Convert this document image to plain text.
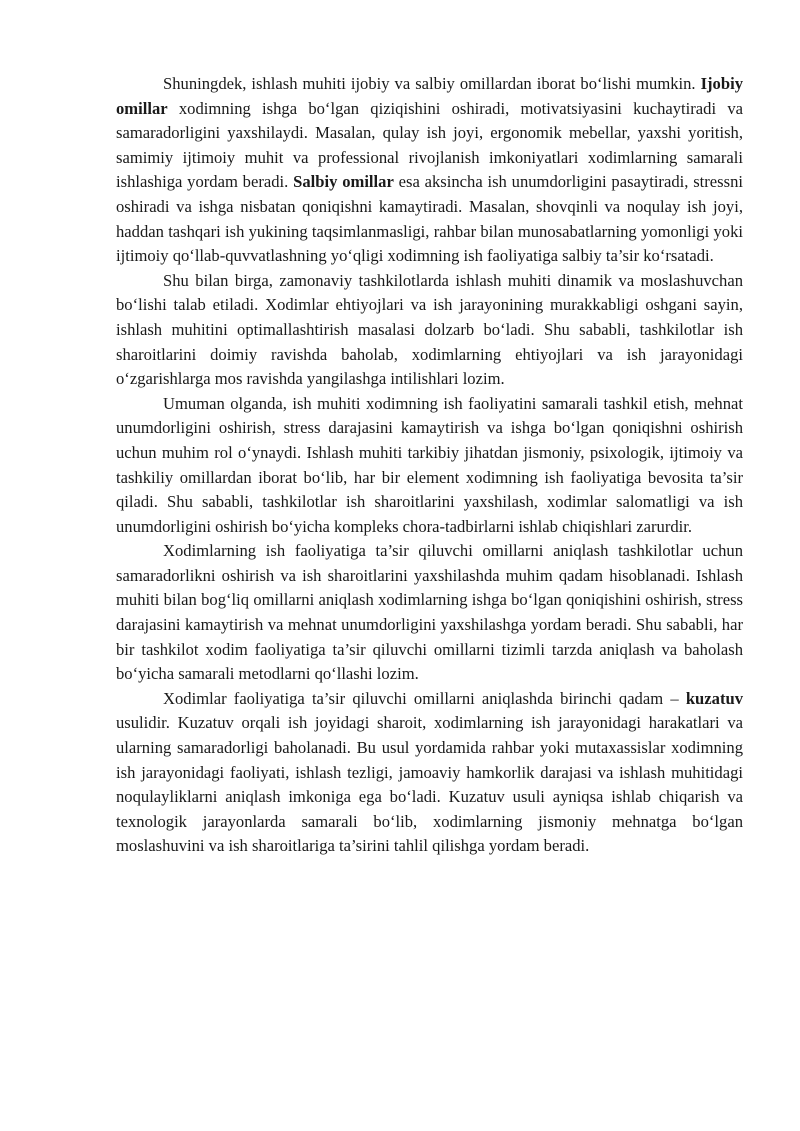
Shuningdek, ishlash muhiti ijobiy va salbiy omillardan iborat bo‘lishi mumkin. Ijobiy omillar xodimning ishga bo‘lgan qiziqishini oshiradi, motivatsiyasini kuchaytiradi va samaradorligini yaxshilaydi. Masalan, qulay ish joyi, ergonomik mebellar, yaxshi yoritish, samimiy ijtimoiy muhit va professional rivojlanish imkoniyatlari xodimlarning samarali ishlashiga yordam beradi. Salbiy omillar esa aksincha ish unumdorligini pasaytiradi, stressni oshiradi va ishga nisbatan qoniqishni kamaytiradi. Masalan, shovqinli va noqulay ish joyi, haddan tashqari ish yukining taqsimlanmasligi, rahbar bilan munosabatlarning yomonligi yoki ijtimoiy qo‘llab-quvvatlashning yo‘qligi xodimning ish faoliyatiga salbiy ta’sir ko‘rsatadi.

Shu bilan birga, zamonaviy tashkilotlarda ishlash muhiti dinamik va moslashuvchan bo‘lishi talab etiladi. Xodimlar ehtiyojlari va ish jarayonining murakkabligi oshgani sayin, ishlash muhitini optimallashtirish masalasi dolzarb bo‘ladi. Shu sababli, tashkilotlar ish sharoitlarini doimiy ravishda baholab, xodimlarning ehtiyojlari va ish jarayonidagi o‘zgarishlarga mos ravishda yangilashga intilishlari lozim.

Umuman olganda, ish muhiti xodimning ish faoliyatini samarali tashkil etish, mehnat unumdorligini oshirish, stress darajasini kamaytirish va ishga bo‘lgan qoniqishni oshirish uchun muhim rol o‘ynaydi. Ishlash muhiti tarkibiy jihatdan jismoniy, psixologik, ijtimoiy va tashkiliy omillardan iborat bo‘lib, har bir element xodimning ish faoliyatiga bevosita ta’sir qiladi. Shu sababli, tashkilotlar ish sharoitlarini yaxshilash, xodimlar salomatligi va ish unumdorligini oshirish bo‘yicha kompleks chora-tadbirlarni ishlab chiqishlari zarurdir.

Xodimlarning ish faoliyatiga ta’sir qiluvchi omillarni aniqlash tashkilotlar uchun samaradorlikni oshirish va ish sharoitlarini yaxshilashda muhim qadam hisoblanadi. Ishlash muhiti bilan bog‘liq omillarni aniqlash xodimlarning ishga bo‘lgan qoniqishini oshirish, stress darajasini kamaytirish va mehnat unumdorligini yaxshilashga yordam beradi. Shu sababli, har bir tashkilot xodim faoliyatiga ta’sir qiluvchi omillarni tizimli tarzda aniqlash va baholash bo‘yicha samarali metodlarni qo‘llashi lozim.

Xodimlar faoliyatiga ta’sir qiluvchi omillarni aniqlashda birinchi qadam – kuzatuv usulidir. Kuzatuv orqali ish joyidagi sharoit, xodimlarning ish jarayonidagi harakatlari va ularning samaradorligi baholanadi. Bu usul yordamida rahbar yoki mutaxassislar xodimning ish jarayonidagi faoliyati, ishlash tezligi, jamoaviy hamkorlik darajasi va ishlash muhitidagi noqulayliklarni aniqlash imkoniga ega bo‘ladi. Kuzatuv usuli ayniqsa ishlab chiqarish va texnologik jarayonlarda samarali bo‘lib, xodimlarning jismoniy mehnatga bo‘lgan moslashuvini va ish sharoitlariga ta’sirini tahlil qilishga yordam beradi.
